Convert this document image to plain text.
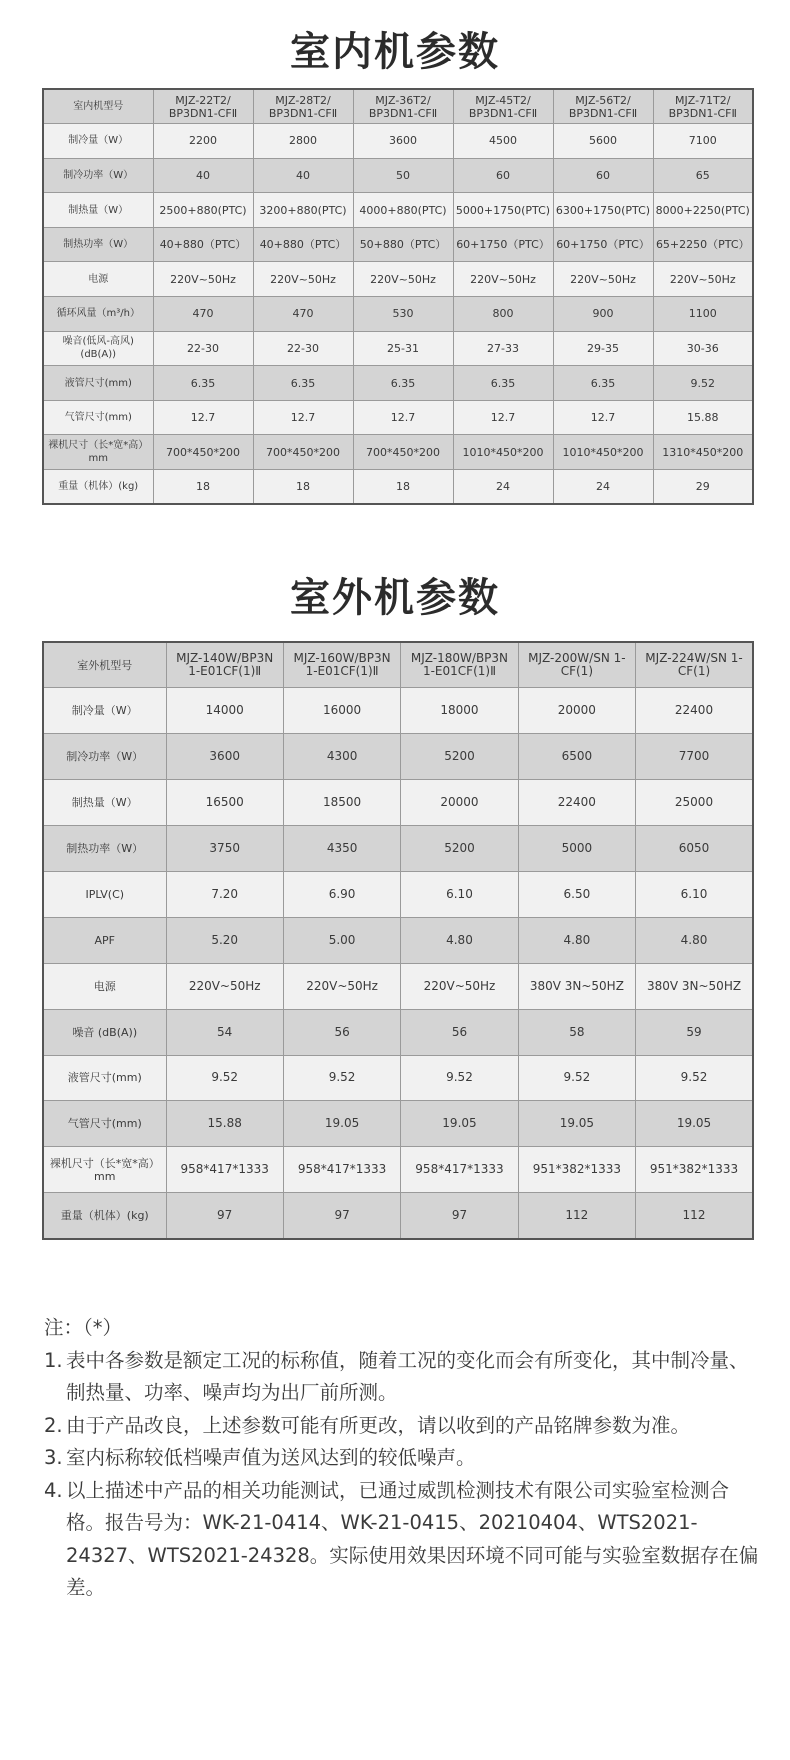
室内机参数
室内机型号	MJZ-22T2/ BP3DN1-CFⅡ	MJZ-28T2/ BP3DN1-CFⅡ	MJZ-36T2/ BP3DN1-CFⅡ	MJZ-45T2/ BP3DN1-CFⅡ	MJZ-56T2/ BP3DN1-CFⅡ	MJZ-71T2/ BP3DN1-CFⅡ
制冷量（W）	2200	2800	3600	4500	5600	7100
制冷功率（W）	40	40	50	60	60	65
制热量（W）	2500+880(PTC)	3200+880(PTC)	4000+880(PTC)	5000+1750(PTC)	6300+1750(PTC)	8000+2250(PTC)
制热功率（W）	40+880（PTC）	40+880（PTC）	50+880（PTC）	60+1750（PTC）	60+1750（PTC）	65+2250（PTC）
电源	220V~50Hz	220V~50Hz	220V~50Hz	220V~50Hz	220V~50Hz	220V~50Hz
循环风量（m³/h）	470	470	530	800	900	1100
噪音(低风-高风) (dB(A))	22-30	22-30	25-31	27-33	29-35	30-36
液管尺寸(mm)	6.35	6.35	6.35	6.35	6.35	9.52
气管尺寸(mm)	12.7	12.7	12.7	12.7	12.7	15.88
裸机尺寸（长*宽*高） mm	700*450*200	700*450*200	700*450*200	1010*450*200	1010*450*200	1310*450*200
重量（机体）(kg)	18	18	18	24	24	29
室外机参数
室外机型号	MJZ-140W/BP3N 1-E01CF(1)Ⅱ	MJZ-160W/BP3N 1-E01CF(1)Ⅱ	MJZ-180W/BP3N 1-E01CF(1)Ⅱ	MJZ-200W/SN 1-CF(1)	MJZ-224W/SN 1-CF(1)
制冷量（W）	14000	16000	18000	20000	22400
制冷功率（W）	3600	4300	5200	6500	7700
制热量（W）	16500	18500	20000	22400	25000
制热功率（W）	3750	4350	5200	5000	6050
IPLV(C)	7.20	6.90	6.10	6.50	6.10
APF	5.20	5.00	4.80	4.80	4.80
电源	220V~50Hz	220V~50Hz	220V~50Hz	380V 3N~50HZ	380V 3N~50HZ
噪音 (dB(A))	54	56	56	58	59
液管尺寸(mm)	9.52	9.52	9.52	9.52	9.52
气管尺寸(mm)	15.88	19.05	19.05	19.05	19.05
裸机尺寸（长*宽*高） mm	958*417*1333	958*417*1333	958*417*1333	951*382*1333	951*382*1333
重量（机体）(kg)	97	97	97	112	112

注：（*）

1. 表中各参数是额定工况的标称值，随着工况的变化而会有所变化，其中制冷量、制热量、功率、噪声均为出厂前所测。
2. 由于产品改良，上述参数可能有所更改，请以收到的产品铭牌参数为准。
3. 室内标称较低档噪声值为送风达到的较低噪声。
4. 以上描述中产品的相关功能测试，已通过威凯检测技术有限公司实验室检测合格。报告号为：WK-21-0414、WK-21-0415、20210404、WTS2021-24327、WTS2021-24328。实际使用效果因环境不同可能与实验室数据存在偏差。
